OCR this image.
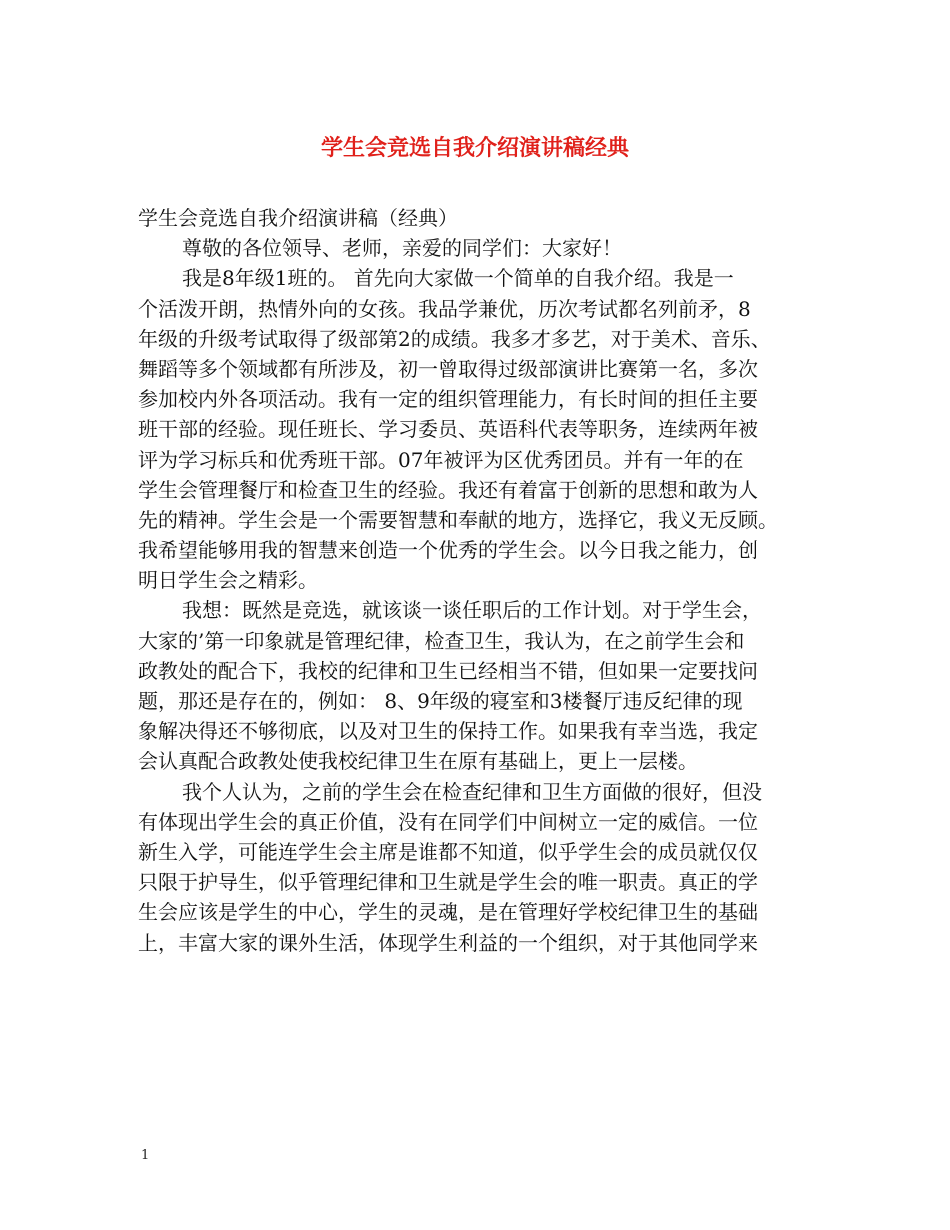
学生会竞选自我介绍演讲稿经典
学生会竞选自我介绍演讲稿（经典）
尊敬的各位领导、老师，亲爱的同学们：大家好！
我是8年级1班的。 首先向大家做一个简单的自我介绍。我是一
个活泼开朗，热情外向的女孩。我品学兼优，历次考试都名列前矛，8
年级的升级考试取得了级部第2的成绩。我多才多艺，对于美术、音乐、
舞蹈等多个领域都有所涉及，初一曾取得过级部演讲比赛第一名，多次
参加校内外各项活动。我有一定的组织管理能力，有长时间的担任主要
班干部的经验。现任班长、学习委员、英语科代表等职务，连续两年被
评为学习标兵和优秀班干部。07年被评为区优秀团员。并有一年的在
学生会管理餐厅和检查卫生的经验。我还有着富于创新的思想和敢为人
先的精神。学生会是一个需要智慧和奉献的地方，选择它，我义无反顾。
我希望能够用我的智慧来创造一个优秀的学生会。以今日我之能力，创
明日学生会之精彩。
我想：既然是竞选，就该谈一谈任职后的工作计划。对于学生会，
大家的’第一印象就是管理纪律，检查卫生，我认为，在之前学生会和
政教处的配合下，我校的纪律和卫生已经相当不错，但如果一定要找问
题，那还是存在的，例如： 8、9年级的寝室和3楼餐厅违反纪律的现
象解决得还不够彻底，以及对卫生的保持工作。如果我有幸当选，我定
会认真配合政教处使我校纪律卫生在原有基础上，更上一层楼。
我个人认为，之前的学生会在检查纪律和卫生方面做的很好，但没
有体现出学生会的真正价值，没有在同学们中间树立一定的威信。一位
新生入学，可能连学生会主席是谁都不知道，似乎学生会的成员就仅仅
只限于护导生，似乎管理纪律和卫生就是学生会的唯一职责。真正的学
生会应该是学生的中心，学生的灵魂，是在管理好学校纪律卫生的基础
上，丰富大家的课外生活，体现学生利益的一个组织，对于其他同学来
1
